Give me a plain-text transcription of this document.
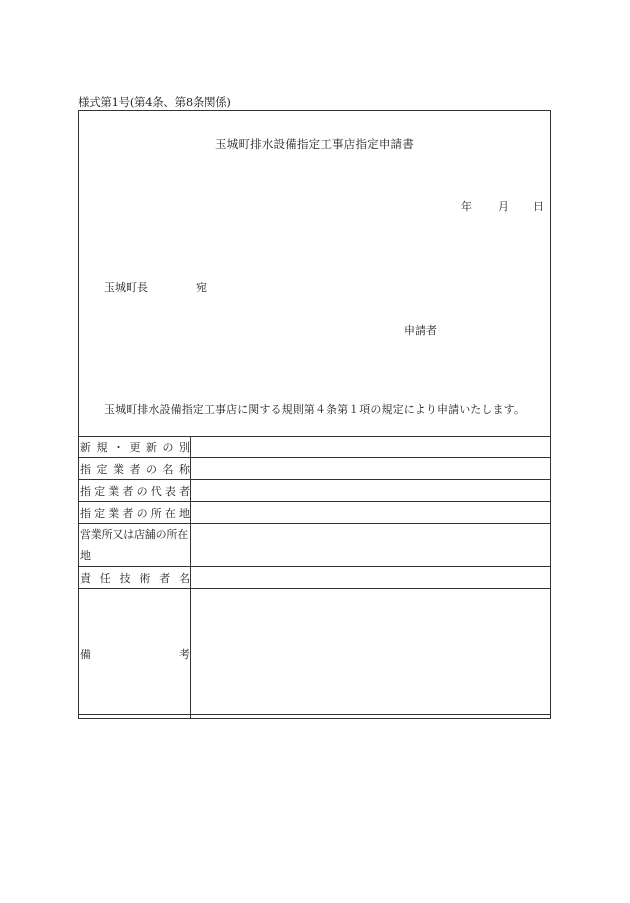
様式第1号(第4条、第8条関係)
玉城町排水設備指定工事店指定申請書
年 月 日
玉城町長	宛
申請者
玉城町排水設備指定工事店に関する規則第４条第１項の規定により申請いたします。
新規・更新の別	
指定業者の名称	
指定業者の代表者	
指定業者の所在地	
営業所又は店舗の所在地	
責任技術者名	
備考	
